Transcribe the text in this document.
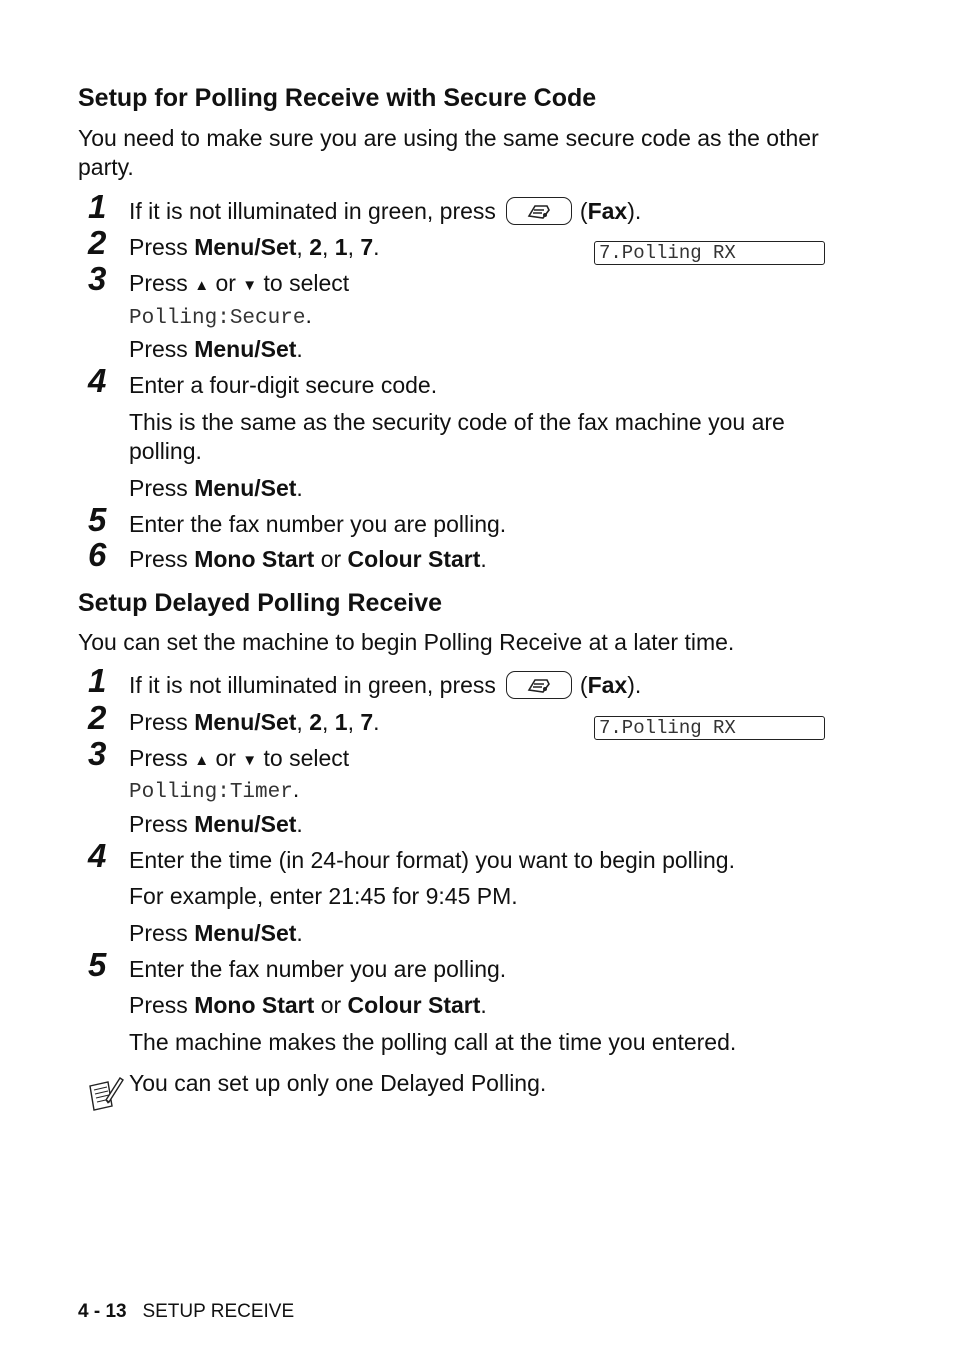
Setup for Polling Receive with Secure Code
You need to make sure you are using the same secure code as the other party.
1 If it is not illuminated in green, press	(Fax).
2 Press Menu/Set, 2, 1, 7.	7.Polling RX
3 Press ▲ or ▼ to select
Polling:Secure.
Press Menu/Set.
4 Enter a four-digit secure code.
This is the same as the security code of the fax machine you are polling.
Press Menu/Set.
5 Enter the fax number you are polling.
6 Press Mono Start or Colour Start.
Setup Delayed Polling Receive
You can set the machine to begin Polling Receive at a later time.
1 If it is not illuminated in green, press	(Fax).
2 Press Menu/Set, 2, 1, 7.	7.Polling RX
3 Press ▲ or ▼ to select
Polling:Timer.
Press Menu/Set.
4 Enter the time (in 24-hour format) you want to begin polling.
For example, enter 21:45 for 9:45 PM.
Press Menu/Set.
5 Enter the fax number you are polling.
Press Mono Start or Colour Start.
The machine makes the polling call at the time you entered.
You can set up only one Delayed Polling.
4 - 13 SETUP RECEIVE
